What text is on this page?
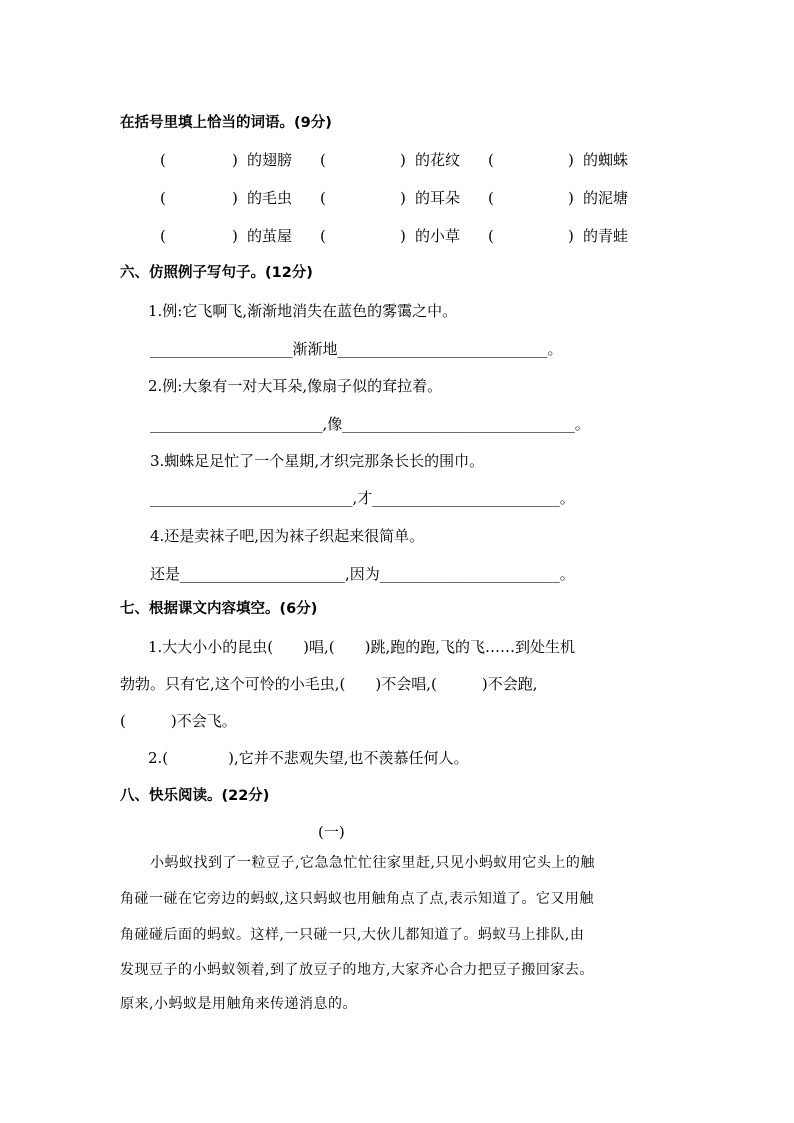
在括号里填上恰当的词语。(9分)
(	) 的翅膀 (	) 的花纹 (	) 的蜘蛛
(	) 的毛虫 (	) 的耳朵 (	) 的泥塘
(	) 的茧屋 (	) 的小草 (	) 的青蛙
六、仿照例子写句子。(12分)
1.例:它飞啊飞,渐渐地消失在蓝色的雾霭之中。
___________________渐渐地____________________________。
2.例:大象有一对大耳朵,像扇子似的耷拉着。
_______________________,像_______________________________。
3.蜘蛛足足忙了一个星期,才织完那条长长的围巾。
___________________________,才_________________________。
4.还是卖袜子吧,因为袜子织起来很简单。
还是______________________,因为________________________。
七、根据课文内容填空。(6分)
1.大大小小的昆虫(　　)唱,(　　)跳,跑的跑,飞的飞……到处生机
勃勃。只有它,这个可怜的小毛虫,(　　)不会唱,(　　　)不会跑,
(　　　)不会飞。
2.(　　　　),它并不悲观失望,也不羡慕任何人。
八、快乐阅读。(22分)
(一)
小蚂蚁找到了一粒豆子,它急急忙忙往家里赶,只见小蚂蚁用它头上的触
角碰一碰在它旁边的蚂蚁,这只蚂蚁也用触角点了点,表示知道了。它又用触
角碰碰后面的蚂蚁。这样,一只碰一只,大伙儿都知道了。蚂蚁马上排队,由
发现豆子的小蚂蚁领着,到了放豆子的地方,大家齐心合力把豆子搬回家去。
原来,小蚂蚁是用触角来传递消息的。
